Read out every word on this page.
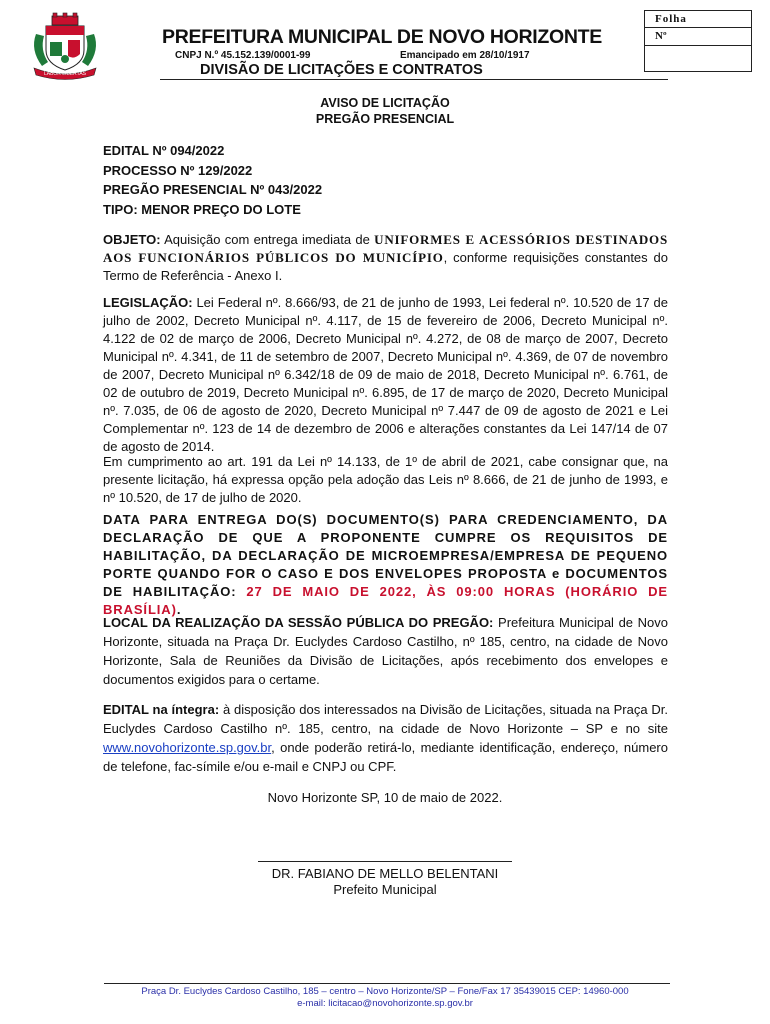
LABOR LIBERTAS
PREFEITURA MUNICIPAL DE NOVO HORIZONTE
CNPJ N.º 45.152.139/0001-99	Emancipado em 28/10/1917
DIVISÃO DE LICITAÇÕES E CONTRATOS
Folha
Nº
AVISO DE LICITAÇÃO
PREGÃO PRESENCIAL
EDITAL Nº 094/2022
PROCESSO Nº 129/2022
PREGÃO PRESENCIAL Nº 043/2022
TIPO: MENOR PREÇO DO LOTE
OBJETO: Aquisição com entrega imediata de UNIFORMES E ACESSÓRIOS DESTINADOS AOS FUNCIONÁRIOS PÚBLICOS DO MUNICÍPIO, conforme requisições constantes do Termo de Referência - Anexo I.
LEGISLAÇÃO: Lei Federal nº. 8.666/93, de 21 de junho de 1993, Lei federal nº. 10.520 de 17 de julho de 2002, Decreto Municipal nº. 4.117, de 15 de fevereiro de 2006, Decreto Municipal nº. 4.122 de 02 de março de 2006, Decreto Municipal nº. 4.272, de 08 de março de 2007, Decreto Municipal nº. 4.341, de 11 de setembro de 2007, Decreto Municipal nº. 4.369, de 07 de novembro de 2007, Decreto Municipal nº 6.342/18 de 09 de maio de 2018, Decreto Municipal nº. 6.761, de 02 de outubro de 2019, Decreto Municipal nº. 6.895, de 17 de março de 2020, Decreto Municipal nº. 7.035, de 06 de agosto de 2020, Decreto Municipal nº 7.447 de 09 de agosto de 2021 e Lei Complementar nº. 123 de 14 de dezembro de 2006 e alterações constantes da Lei 147/14 de 07 de agosto de 2014.
Em cumprimento ao art. 191 da Lei nº 14.133, de 1º de abril de 2021, cabe consignar que, na presente licitação, há expressa opção pela adoção das Leis nº 8.666, de 21 de junho de 1993, e nº 10.520, de 17 de julho de 2020.
DATA PARA ENTREGA DO(S) DOCUMENTO(S) PARA CREDENCIAMENTO, DA DECLARAÇÃO DE QUE A PROPONENTE CUMPRE OS REQUISITOS DE HABILITAÇÃO, DA DECLARAÇÃO DE MICROEMPRESA/EMPRESA DE PEQUENO PORTE QUANDO FOR O CASO E DOS ENVELOPES PROPOSTA e DOCUMENTOS DE HABILITAÇÃO: 27 DE MAIO DE 2022, ÀS 09:00 HORAS (HORÁRIO DE BRASÍLIA).
LOCAL DA REALIZAÇÃO DA SESSÃO PÚBLICA DO PREGÃO: Prefeitura Municipal de Novo Horizonte, situada na Praça Dr. Euclydes Cardoso Castilho, nº 185, centro, na cidade de Novo Horizonte, Sala de Reuniões da Divisão de Licitações, após recebimento dos envelopes e documentos exigidos para o certame.
EDITAL na íntegra: à disposição dos interessados na Divisão de Licitações, situada na Praça Dr. Euclydes Cardoso Castilho nº. 185, centro, na cidade de Novo Horizonte – SP e no site www.novohorizonte.sp.gov.br, onde poderão retirá-lo, mediante identificação, endereço, número de telefone, fac-símile e/ou e-mail e CNPJ ou CPF.
Novo Horizonte SP, 10 de maio de 2022.
DR. FABIANO DE MELLO BELENTANI
Prefeito Municipal
Praça Dr. Euclydes Cardoso Castilho, 185 – centro – Novo Horizonte/SP – Fone/Fax 17 35439015 CEP: 14960-000
e-mail: licitacao@novohorizonte.sp.gov.br
